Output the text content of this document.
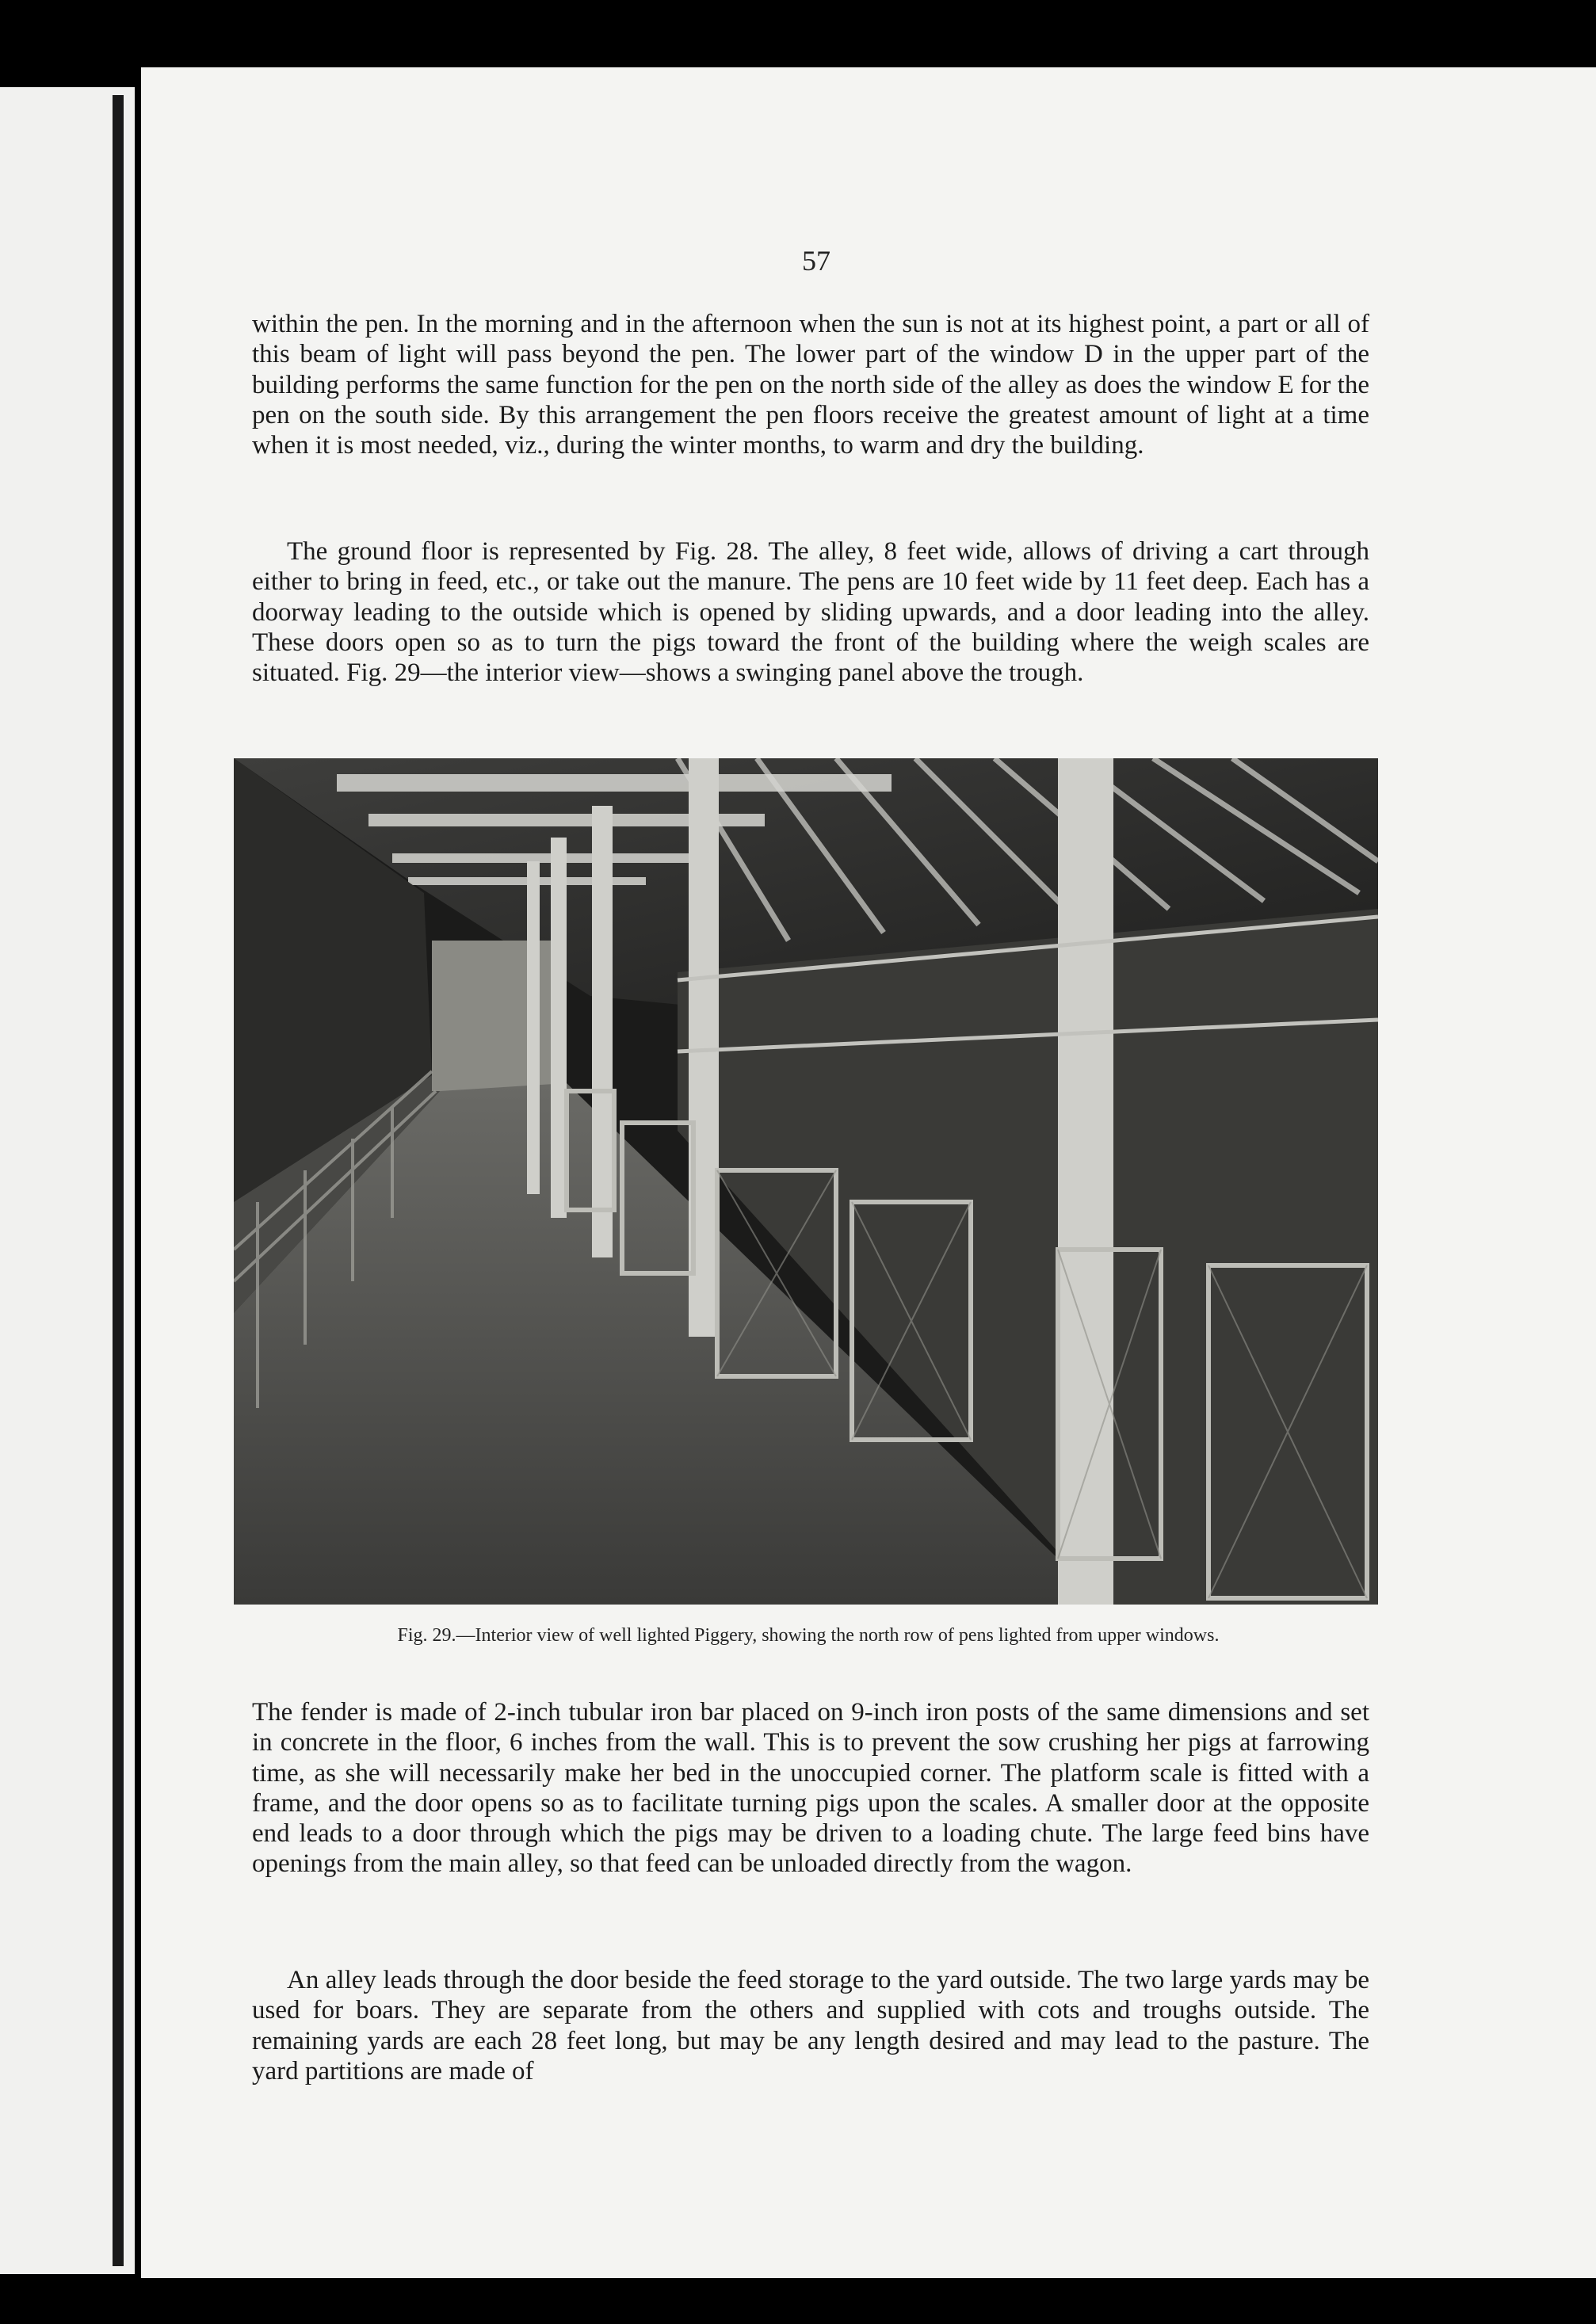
57

within the pen. In the morning and in the afternoon when the sun is not at its highest point, a part or all of this beam of light will pass beyond the pen. The lower part of the window D in the upper part of the building performs the same function for the pen on the north side of the alley as does the window E for the pen on the south side. By this arrangement the pen floors receive the greatest amount of light at a time when it is most needed, viz., during the winter months, to warm and dry the building.

The ground floor is represented by Fig. 28. The alley, 8 feet wide, allows of driving a cart through either to bring in feed, etc., or take out the manure. The pens are 10 feet wide by 11 feet deep. Each has a doorway leading to the outside which is opened by sliding upwards, and a door leading into the alley. These doors open so as to turn the pigs toward the front of the building where the weigh scales are situated. Fig. 29—the interior view—shows a swinging panel above the trough.

Fig. 29.—Interior view of well lighted Piggery, showing the north row of pens lighted from upper windows.

The fender is made of 2-inch tubular iron bar placed on 9-inch iron posts of the same dimensions and set in concrete in the floor, 6 inches from the wall. This is to prevent the sow crushing her pigs at farrowing time, as she will necessarily make her bed in the unoccupied corner. The platform scale is fitted with a frame, and the door opens so as to facilitate turning pigs upon the scales. A smaller door at the opposite end leads to a door through which the pigs may be driven to a loading chute. The large feed bins have openings from the main alley, so that feed can be unloaded directly from the wagon.

An alley leads through the door beside the feed storage to the yard outside. The two large yards may be used for boars. They are separate from the others and supplied with cots and troughs outside. The remaining yards are each 28 feet long, but may be any length desired and may lead to the pasture. The yard partitions are made of
